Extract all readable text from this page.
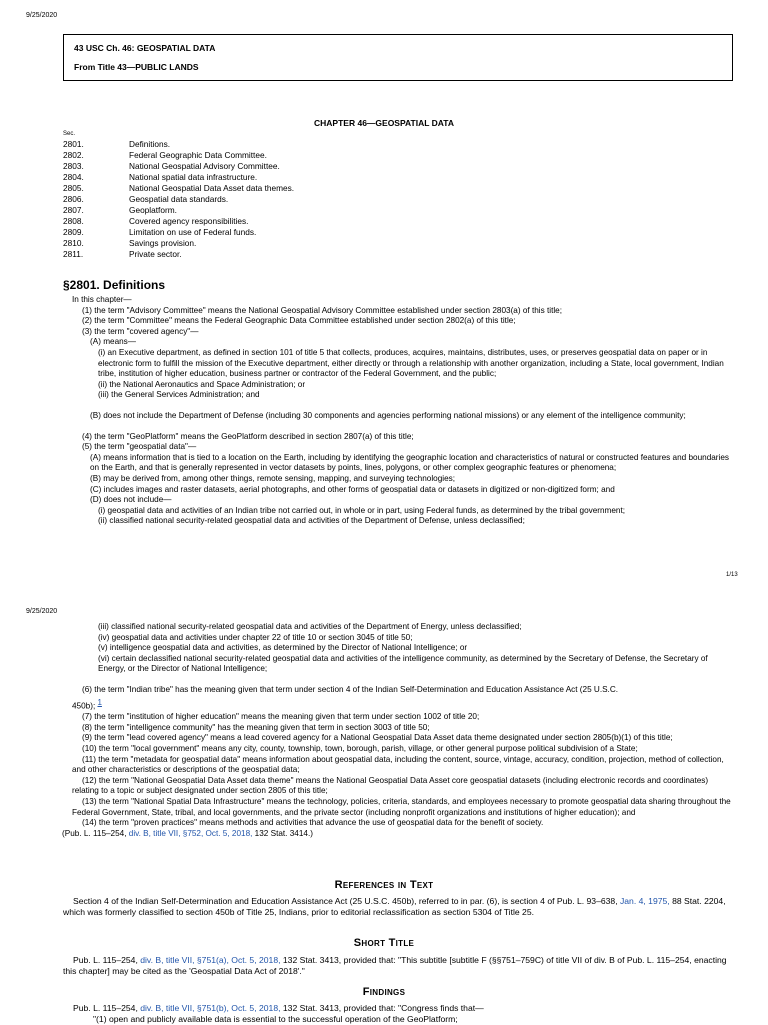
9/25/2020
43 USC Ch. 46: GEOSPATIAL DATA
From Title 43—PUBLIC LANDS
CHAPTER 46—GEOSPATIAL DATA
Sec.
2801.	Definitions.
2802.	Federal Geographic Data Committee.
2803.	National Geospatial Advisory Committee.
2804.	National spatial data infrastructure.
2805.	National Geospatial Data Asset data themes.
2806.	Geospatial data standards.
2807.	Geoplatform.
2808.	Covered agency responsibilities.
2809.	Limitation on use of Federal funds.
2810.	Savings provision.
2811.	Private sector.
§2801. Definitions
In this chapter—
(1) the term "Advisory Committee" means the National Geospatial Advisory Committee established under section 2803(a) of this title;
(2) the term "Committee" means the Federal Geographic Data Committee established under section 2802(a) of this title;
(3) the term "covered agency"—
(A) means—
(i) an Executive department, as defined in section 101 of title 5 that collects, produces, acquires, maintains, distributes, uses, or preserves geospatial data on paper or in electronic form to fulfill the mission of the Executive department, either directly or through a relationship with another organization, including a State, local government, Indian tribe, institution of higher education, business partner or contractor of the Federal Government, and the public;
(ii) the National Aeronautics and Space Administration; or
(iii) the General Services Administration; and
(B) does not include the Department of Defense (including 30 components and agencies performing national missions) or any element of the intelligence community;
(4) the term "GeoPlatform" means the GeoPlatform described in section 2807(a) of this title;
(5) the term "geospatial data"—
(A) means information that is tied to a location on the Earth, including by identifying the geographic location and characteristics of natural or constructed features and boundaries on the Earth, and that is generally represented in vector datasets by points, lines, polygons, or other complex geographic features or phenomena;
(B) may be derived from, among other things, remote sensing, mapping, and surveying technologies;
(C) includes images and raster datasets, aerial photographs, and other forms of geospatial data or datasets in digitized or non-digitized form; and
(D) does not include—
(i) geospatial data and activities of an Indian tribe not carried out, in whole or in part, using Federal funds, as determined by the tribal government;
(ii) classified national security-related geospatial data and activities of the Department of Defense, unless declassified;
1/13
9/25/2020
(iii) classified national security-related geospatial data and activities of the Department of Energy, unless declassified;
(iv) geospatial data and activities under chapter 22 of title 10 or section 3045 of title 50;
(v) intelligence geospatial data and activities, as determined by the Director of National Intelligence; or
(vi) certain declassified national security-related geospatial data and activities of the intelligence community, as determined by the Secretary of Defense, the Secretary of Energy, or the Director of National Intelligence;
(6) the term "Indian tribe" has the meaning given that term under section 4 of the Indian Self-Determination and Education Assistance Act (25 U.S.C.
450b); 1
(7) the term "institution of higher education" means the meaning given that term under section 1002 of title 20;
(8) the term "intelligence community" has the meaning given that term in section 3003 of title 50;
(9) the term "lead covered agency" means a lead covered agency for a National Geospatial Data Asset data theme designated under section 2805(b)(1) of this title;
(10) the term "local government" means any city, county, township, town, borough, parish, village, or other general purpose political subdivision of a State;
(11) the term "metadata for geospatial data" means information about geospatial data, including the content, source, vintage, accuracy, condition, projection, method of collection, and other characteristics or descriptions of the geospatial data;
(12) the term "National Geospatial Data Asset data theme" means the National Geospatial Data Asset core geospatial datasets (including electronic records and coordinates) relating to a topic or subject designated under section 2805 of this title;
(13) the term "National Spatial Data Infrastructure" means the technology, policies, criteria, standards, and employees necessary to promote geospatial data sharing throughout the Federal Government, State, tribal, and local governments, and the private sector (including nonprofit organizations and institutions of higher education); and
(14) the term "proven practices" means methods and activities that advance the use of geospatial data for the benefit of society.
(Pub. L. 115–254, div. B, title VII, §752, Oct. 5, 2018, 132 Stat. 3414.)
References in Text

Section 4 of the Indian Self-Determination and Education Assistance Act (25 U.S.C. 450b), referred to in par. (6), is section 4 of Pub. L. 93–638, Jan. 4, 1975, 88 Stat. 2204, which was formerly classified to section 450b of Title 25, Indians, prior to editorial reclassification as section 5304 of Title 25.

Short Title

Pub. L. 115–254, div. B, title VII, §751(a), Oct. 5, 2018, 132 Stat. 3413, provided that: "This subtitle [subtitle F (§§751–759C) of title VII of div. B of Pub. L. 115–254, enacting this chapter] may be cited as the 'Geospatial Data Act of 2018'."

Findings

Pub. L. 115–254, div. B, title VII, §751(b), Oct. 5, 2018, 132 Stat. 3413, provided that: "Congress finds that—

"(1) open and publicly available data is essential to the successful operation of the GeoPlatform;
